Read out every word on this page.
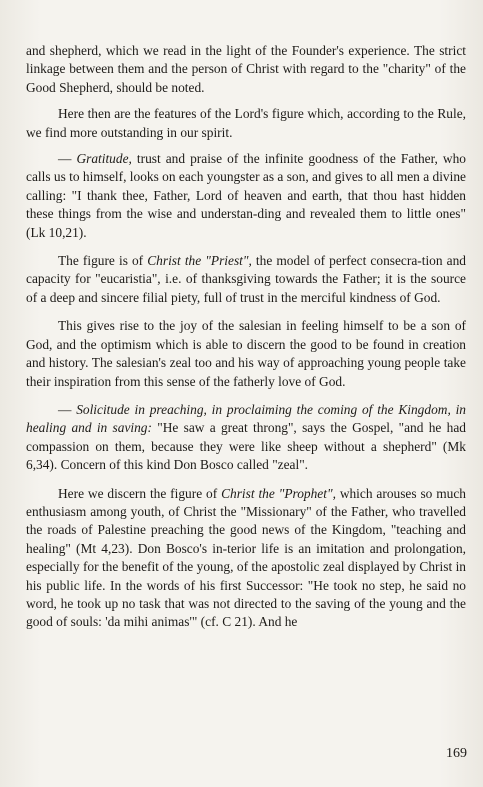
and shepherd, which we read in the light of the Founder's experience. The strict linkage between them and the person of Christ with regard to the "charity" of the Good Shepherd, should be noted.

Here then are the features of the Lord's figure which, according to the Rule, we find more outstanding in our spirit.

— Gratitude, trust and praise of the infinite goodness of the Father, who calls us to himself, looks on each youngster as a son, and gives to all men a divine calling: "I thank thee, Father, Lord of heaven and earth, that thou hast hidden these things from the wise and understan-ding and revealed them to little ones" (Lk 10,21).

The figure is of Christ the "Priest", the model of perfect consecra-tion and capacity for "eucaristia", i.e. of thanksgiving towards the Father; it is the source of a deep and sincere filial piety, full of trust in the merciful kindness of God.

This gives rise to the joy of the salesian in feeling himself to be a son of God, and the optimism which is able to discern the good to be found in creation and history. The salesian's zeal too and his way of approaching young people take their inspiration from this sense of the fatherly love of God.

— Solicitude in preaching, in proclaiming the coming of the Kingdom, in healing and in saving: "He saw a great throng", says the Gospel, "and he had compassion on them, because they were like sheep without a shepherd" (Mk 6,34). Concern of this kind Don Bosco called "zeal".

Here we discern the figure of Christ the "Prophet", which arouses so much enthusiasm among youth, of Christ the "Missionary" of the Father, who travelled the roads of Palestine preaching the good news of the Kingdom, "teaching and healing" (Mt 4,23). Don Bosco's in-terior life is an imitation and prolongation, especially for the benefit of the young, of the apostolic zeal displayed by Christ in his public life. In the words of his first Successor: "He took no step, he said no word, he took up no task that was not directed to the saving of the young and the good of souls: 'da mihi animas'" (cf. C 21). And he

169
